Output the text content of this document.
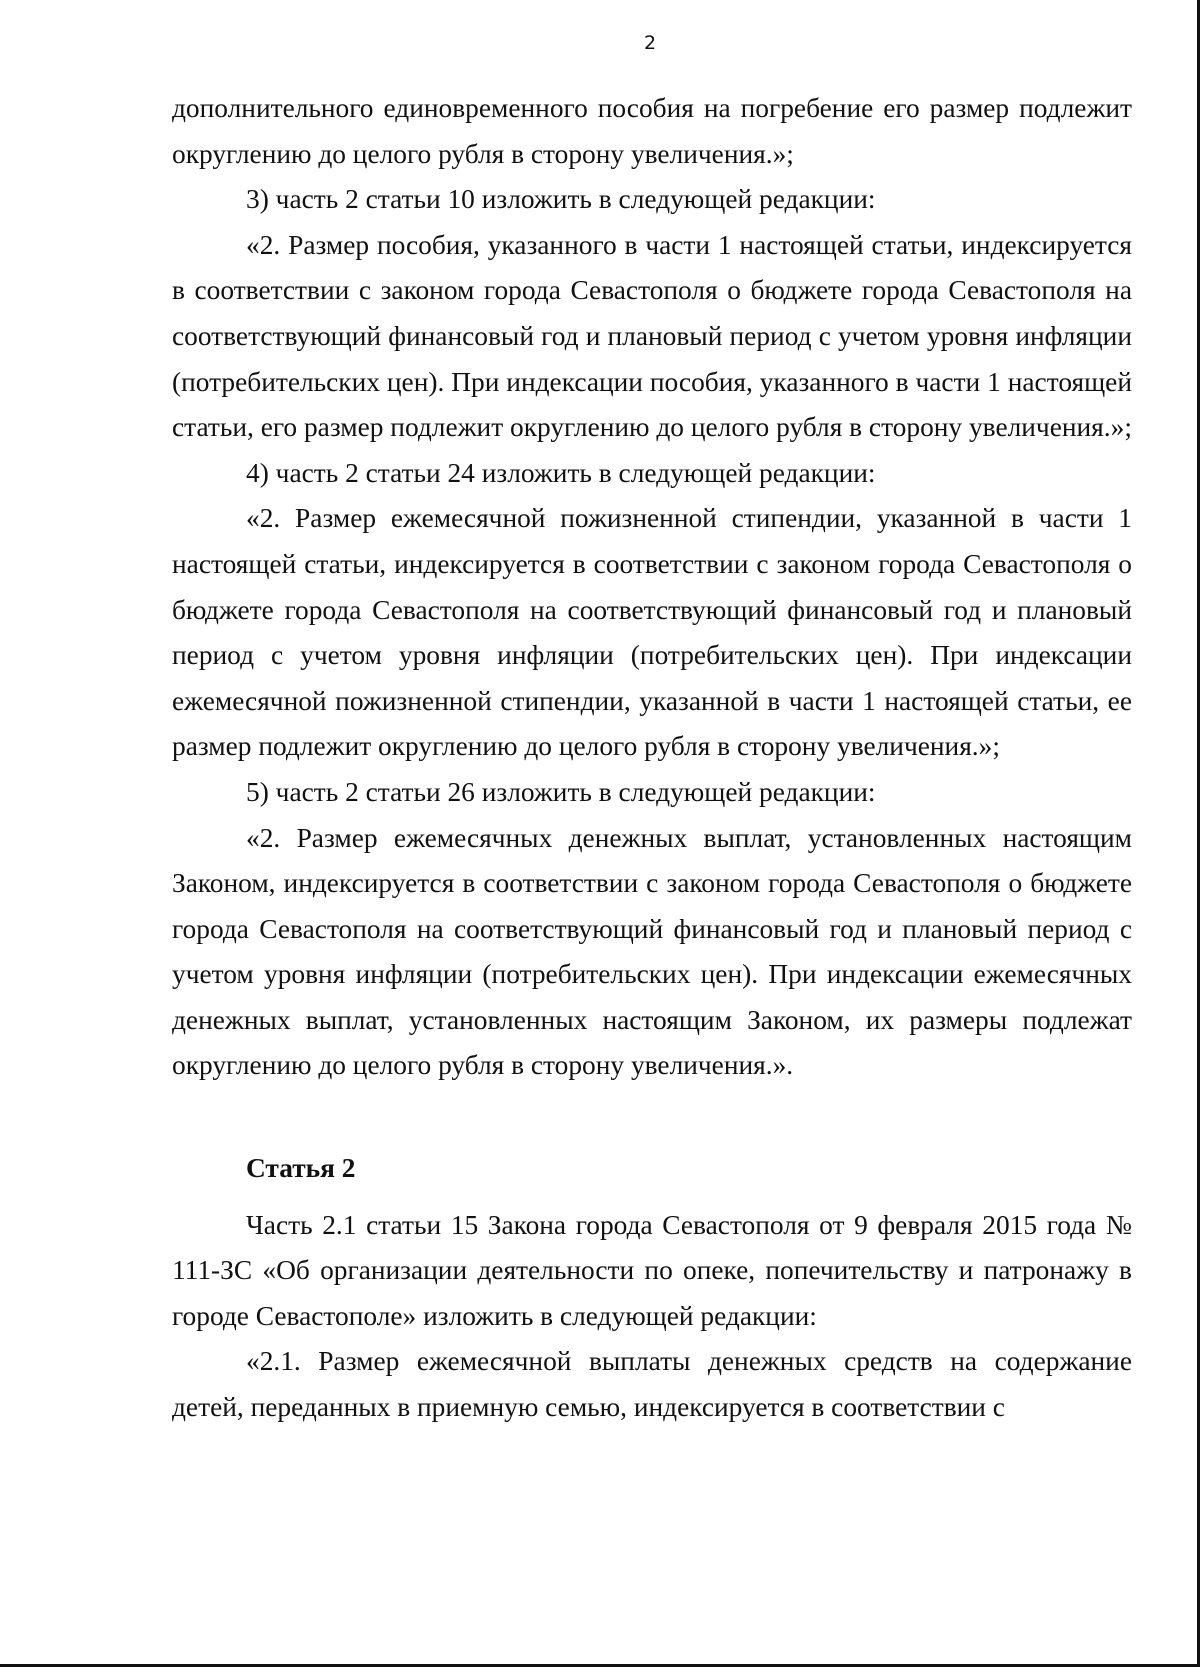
2

дополнительного единовременного пособия на погребение его размер подлежит округлению до целого рубля в сторону увеличения.»;

3) часть 2 статьи 10 изложить в следующей редакции:

«2. Размер пособия, указанного в части 1 настоящей статьи, индексируется в соответствии с законом города Севастополя о бюджете города Севастополя на соответствующий финансовый год и плановый период с учетом уровня инфляции (потребительских цен). При индексации пособия, указанного в части 1 настоящей статьи, его размер подлежит округлению до целого рубля в сторону увеличения.»;

4) часть 2 статьи 24 изложить в следующей редакции:

«2. Размер ежемесячной пожизненной стипендии, указанной в части 1 настоящей статьи, индексируется в соответствии с законом города Севастополя о бюджете города Севастополя на соответствующий финансовый год и плановый период с учетом уровня инфляции (потребительских цен). При индексации ежемесячной пожизненной стипендии, указанной в части 1 настоящей статьи, ее размер подлежит округлению до целого рубля в сторону увеличения.»;

5) часть 2 статьи 26 изложить в следующей редакции:

«2. Размер ежемесячных денежных выплат, установленных настоящим Законом, индексируется в соответствии с законом города Севастополя о бюджете города Севастополя на соответствующий финансовый год и плановый период с учетом уровня инфляции (потребительских цен). При индексации ежемесячных денежных выплат, установленных настоящим Законом, их размеры подлежат округлению до целого рубля в сторону увеличения.».

Статья 2

Часть 2.1 статьи 15 Закона города Севастополя от 9 февраля 2015 года № 111-ЗС «Об организации деятельности по опеке, попечительству и патронажу в городе Севастополе» изложить в следующей редакции:

«2.1. Размер ежемесячной выплаты денежных средств на содержание детей, переданных в приемную семью, индексируется в соответствии с
